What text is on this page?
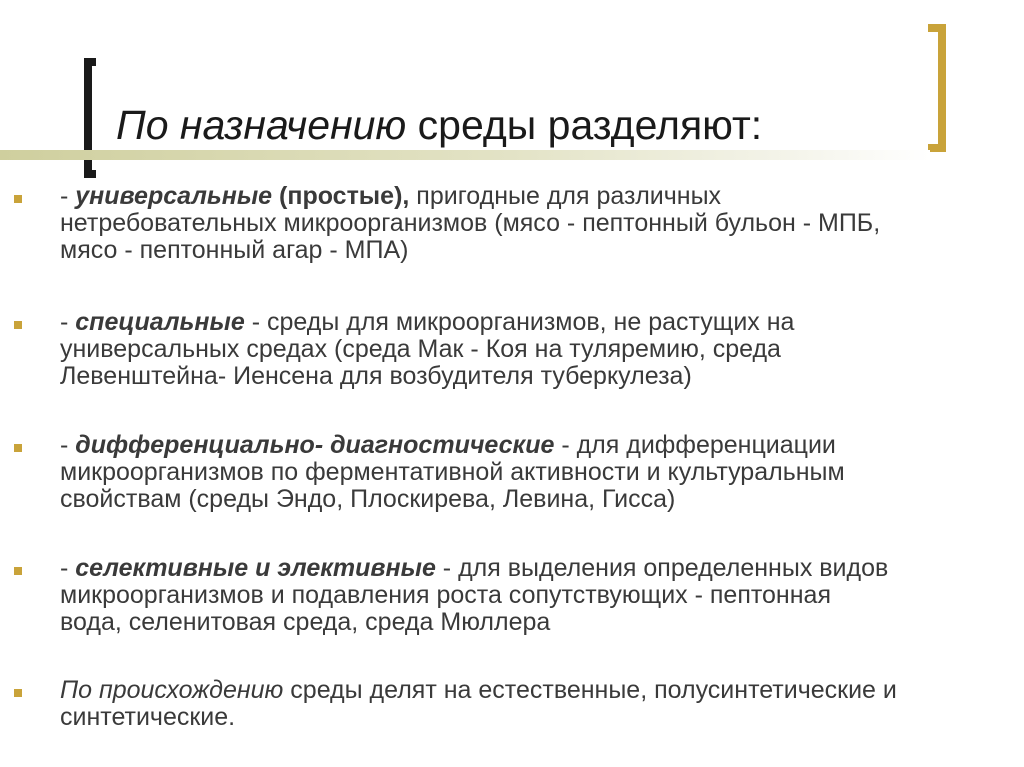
По назначению среды разделяют:
- универсальные (простые), пригодные для различных
нетребовательных микроорганизмов (мясо - пептонный бульон - МПБ,
мясо - пептонный агар - МПА)
- специальные - среды для микроорганизмов, не растущих на
универсальных средах (среда Мак - Коя на туляремию, среда
Левенштейна- Иенсена для возбудителя туберкулеза)
- дифференциально- диагностические - для дифференциации
микроорганизмов по ферментативной активности и культуральным
свойствам (среды Эндо, Плоскирева, Левина, Гисса)
- селективные и элективные - для выделения определенных видов
микроорганизмов и подавления роста сопутствующих - пептонная
вода, селенитовая среда, среда Мюллера
По происхождению среды делят на естественные, полусинтетические и
синтетические.
